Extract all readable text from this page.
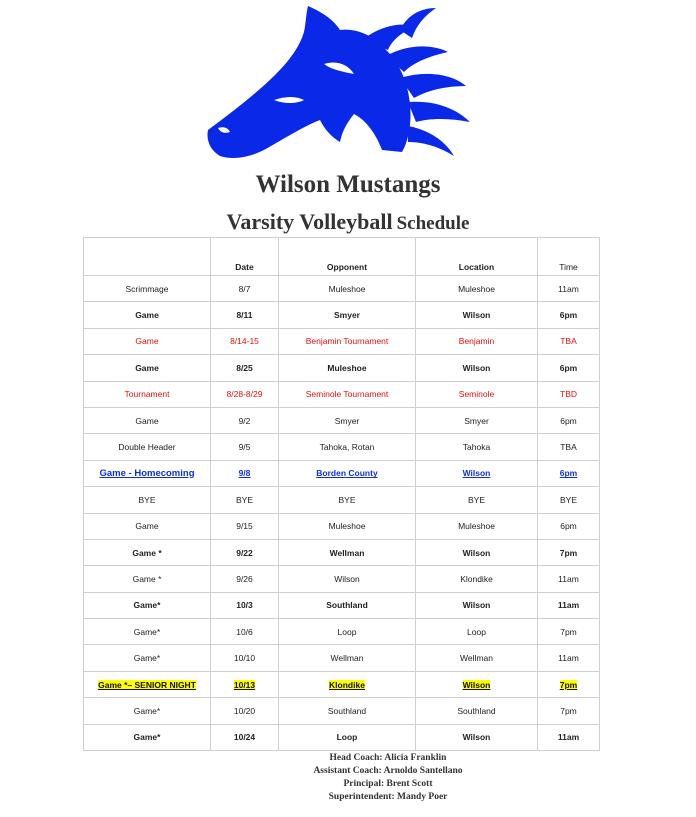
Wilson Mustangs
Varsity Volleyball Schedule
	Date	Opponent	Location	Time
Scrimmage	8/7	Muleshoe	Muleshoe	11am
Game	8/11	Smyer	Wilson	6pm
Game	8/14-15	Benjamin Tournament	Benjamin	TBA
Game	8/25	Muleshoe	Wilson	6pm
Tournament	8/28-8/29	Seminole Tournament	Seminole	TBD
Game	9/2	Smyer	Smyer	6pm
Double Header	9/5	Tahoka, Rotan	Tahoka	TBA
Game - Homecoming	9/8	Borden County	Wilson	6pm
BYE	BYE	BYE	BYE	BYE
Game	9/15	Muleshoe	Muleshoe	6pm
Game *	9/22	Wellman	Wilson	7pm
Game *	9/26	Wilson	Klondike	11am
Game*	10/3	Southland	Wilson	11am
Game*	10/6	Loop	Loop	7pm
Game*	10/10	Wellman	Wellman	11am
Game *– SENIOR NIGHT	10/13	Klondike	Wilson	7pm
Game*	10/20	Southland	Southland	7pm
Game*	10/24	Loop	Wilson	11am
Head Coach: Alicia Franklin
Assistant Coach: Arnoldo Santellano
Principal: Brent Scott
Superintendent: Mandy Poer
